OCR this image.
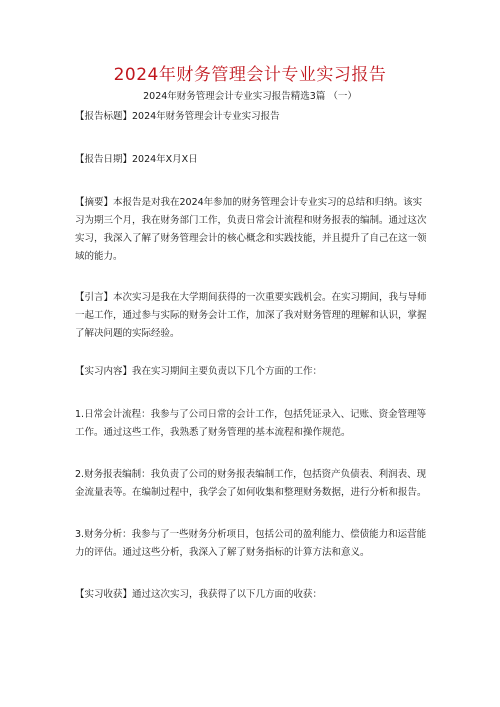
2024年财务管理会计专业实习报告
2024年财务管理会计专业实习报告精选3篇 （一）

【报告标题】2024年财务管理会计专业实习报告

【报告日期】2024年X月X日

【摘要】本报告是对我在2024年参加的财务管理会计专业实习的总结和归纳。该实习为期三个月，我在财务部门工作，负责日常会计流程和财务报表的编制。通过这次实习，我深入了解了财务管理会计的核心概念和实践技能，并且提升了自己在这一领域的能力。

【引言】本次实习是我在大学期间获得的一次重要实践机会。在实习期间，我与导师一起工作，通过参与实际的财务会计工作，加深了我对财务管理的理解和认识，掌握了解决问题的实际经验。

【实习内容】我在实习期间主要负责以下几个方面的工作：

1.日常会计流程：我参与了公司日常的会计工作，包括凭证录入、记账、资金管理等工作。通过这些工作，我熟悉了财务管理的基本流程和操作规范。

2.财务报表编制：我负责了公司的财务报表编制工作，包括资产负债表、利润表、现金流量表等。在编制过程中，我学会了如何收集和整理财务数据，进行分析和报告。

3.财务分析：我参与了一些财务分析项目，包括公司的盈利能力、偿债能力和运营能力的评估。通过这些分析，我深入了解了财务指标的计算方法和意义。

【实习收获】通过这次实习，我获得了以下几方面的收获：
